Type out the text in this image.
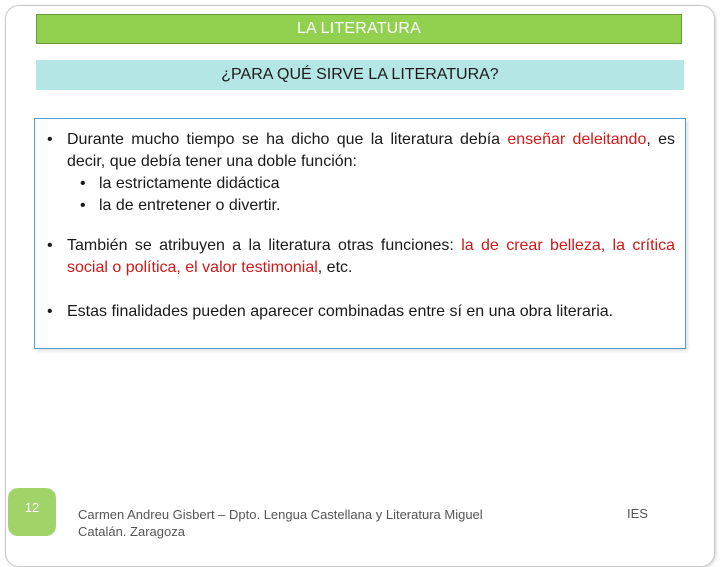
LA LITERATURA
¿PARA QUÉ SIRVE LA LITERATURA?
• Durante mucho tiempo se ha dicho que la literatura debía enseñar deleitando, es decir, que debía tener una doble función:
• la estrictamente didáctica
• la de entretener o divertir.
• También se atribuyen a la literatura otras funciones: la de crear belleza, la crítica social o política, el valor testimonial, etc.
• Estas finalidades pueden aparecer combinadas entre sí en una obra literaria.
12	Carmen Andreu Gisbert – Dpto. Lengua Castellana y Literatura Miguel Catalán. Zaragoza
IES
